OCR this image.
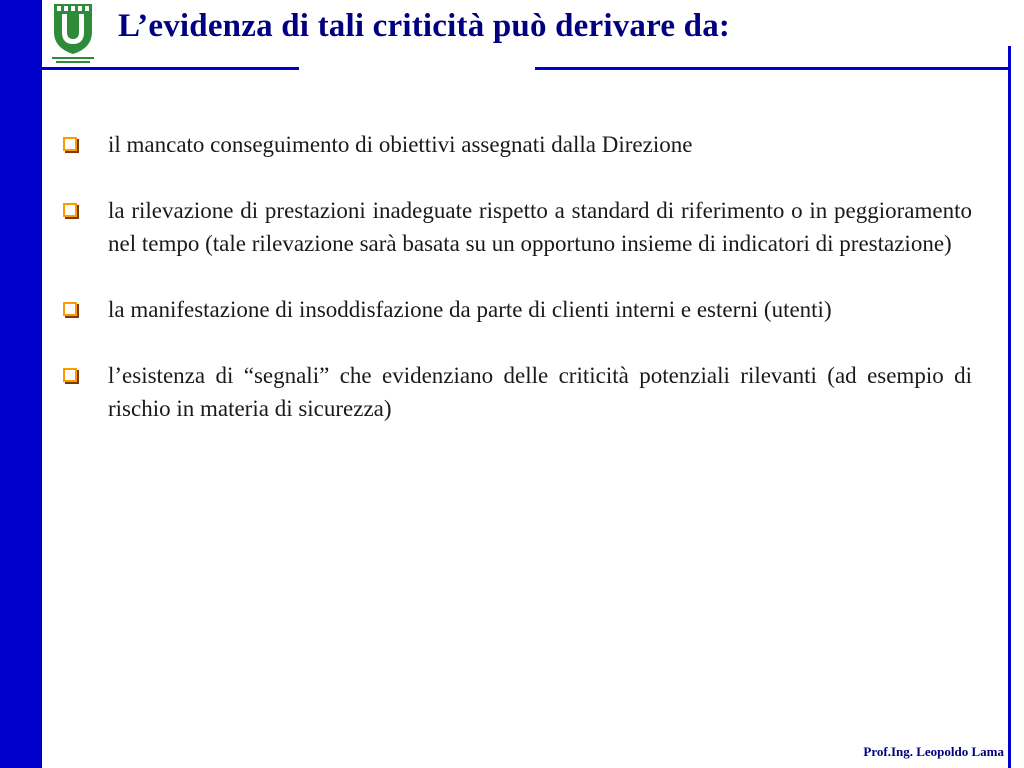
L’evidenza di tali criticità può derivare da:
il mancato conseguimento di obiettivi assegnati dalla Direzione
la rilevazione di prestazioni inadeguate rispetto a standard di riferimento o in peggioramento nel tempo (tale rilevazione sarà basata su un opportuno insieme di indicatori di prestazione)
la manifestazione di insoddisfazione da parte di clienti interni e esterni (utenti)
l’esistenza di “segnali” che evidenziano delle criticità potenziali rilevanti (ad esempio di rischio in materia di sicurezza)
Prof.Ing. Leopoldo Lama
